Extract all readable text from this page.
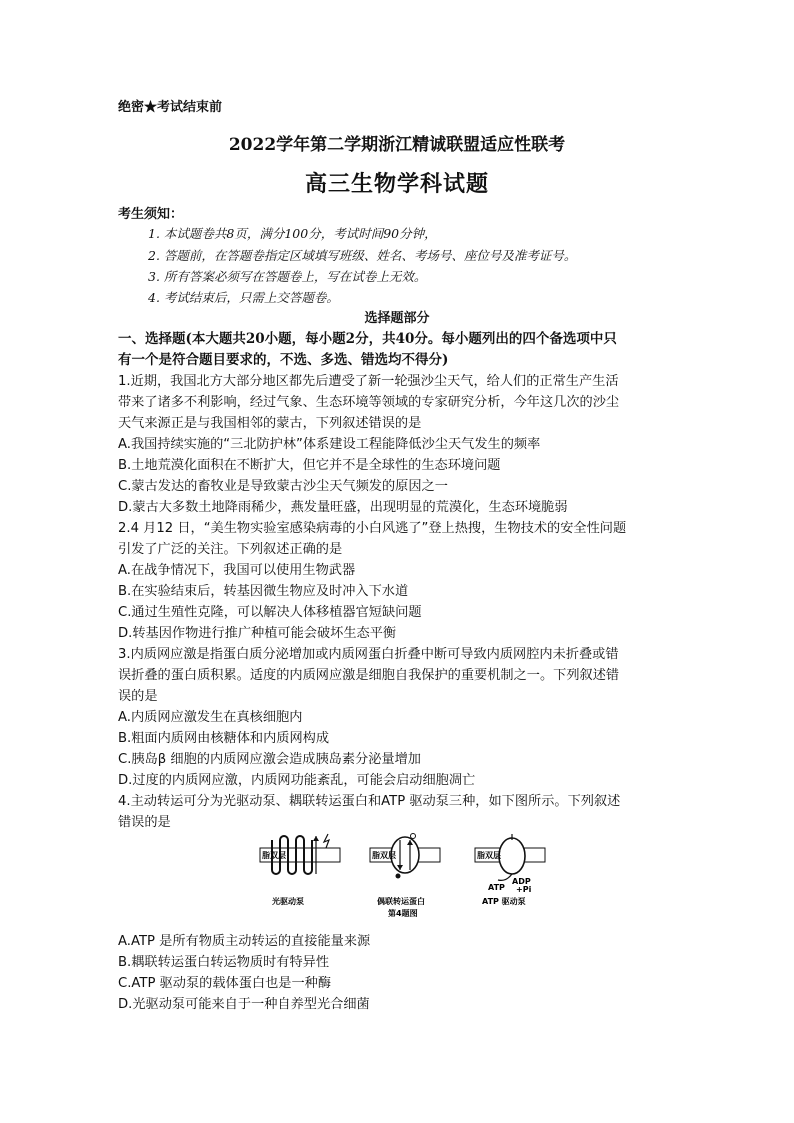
绝密★考试结束前
2022学年第二学期浙江精诚联盟适应性联考
高三生物学科试题
考生须知：
1. 本试题卷共8页，满分100分，考试时间90分钟，
2. 答题前，在答题卷指定区域填写班级、姓名、考场号、座位号及准考证号。
3. 所有答案必须写在答题卷上，写在试卷上无效。
4. 考试结束后，只需上交答题卷。
选择题部分
一、选择题(本大题共20小题，每小题2分，共40分。每小题列出的四个备选项中只
有一个是符合题目要求的，不选、多选、错选均不得分)
1.近期，我国北方大部分地区都先后遭受了新一轮强沙尘天气，给人们的正常生产生活
带来了诸多不利影响，经过气象、生态环境等领域的专家研究分析，今年这几次的沙尘
天气来源正是与我国相邻的蒙古，下列叙述错误的是
A.我国持续实施的“三北防护林”体系建设工程能降低沙尘天气发生的频率
B.土地荒漠化面积在不断扩大，但它并不是全球性的生态环境问题
C.蒙古发达的畜牧业是导致蒙古沙尘天气频发的原因之一
D.蒙古大多数土地降雨稀少，燕发量旺盛，出现明显的荒漠化，生态环境脆弱
2.4 月12 日，“美生物实验室感染病毒的小白风逃了”登上热搜，生物技术的安全性问题
引发了广泛的关注。下列叙述正确的是
A.在战争情况下，我国可以使用生物武器
B.在实验结束后，转基因微生物应及时冲入下水道
C.通过生殖性克隆，可以解决人体移植器官短缺问题
D.转基因作物进行推广种植可能会破坏生态平衡
3.内质网应激是指蛋白质分泌增加或内质网蛋白折叠中断可导致内质网腔内未折叠或错
误折叠的蛋白质积累。适度的内质网应激是细胞自我保护的重要机制之一。下列叙述错
误的是
A.内质网应激发生在真核细胞内
B.粗面内质网由核糖体和内质网构成
C.胰岛β 细胞的内质网应激会造成胰岛素分泌量增加
D.过度的内质网应激，内质网功能紊乱，可能会启动细胞凋亡
4.主动转运可分为光驱动泵、耦联转运蛋白和ATP 驱动泵三种，如下图所示。下列叙述
错误的是
脂双层	脂双层	脂双层
ATP
ADP
+Pi
光驱动泵	偶联转运蛋白	ATP 驱动泵
第4题图
A.ATP 是所有物质主动转运的直接能量来源
B.耦联转运蛋白转运物质时有特异性
C.ATP 驱动泵的载体蛋白也是一种酶
D.光驱动泵可能来自于一种自养型光合细菌
